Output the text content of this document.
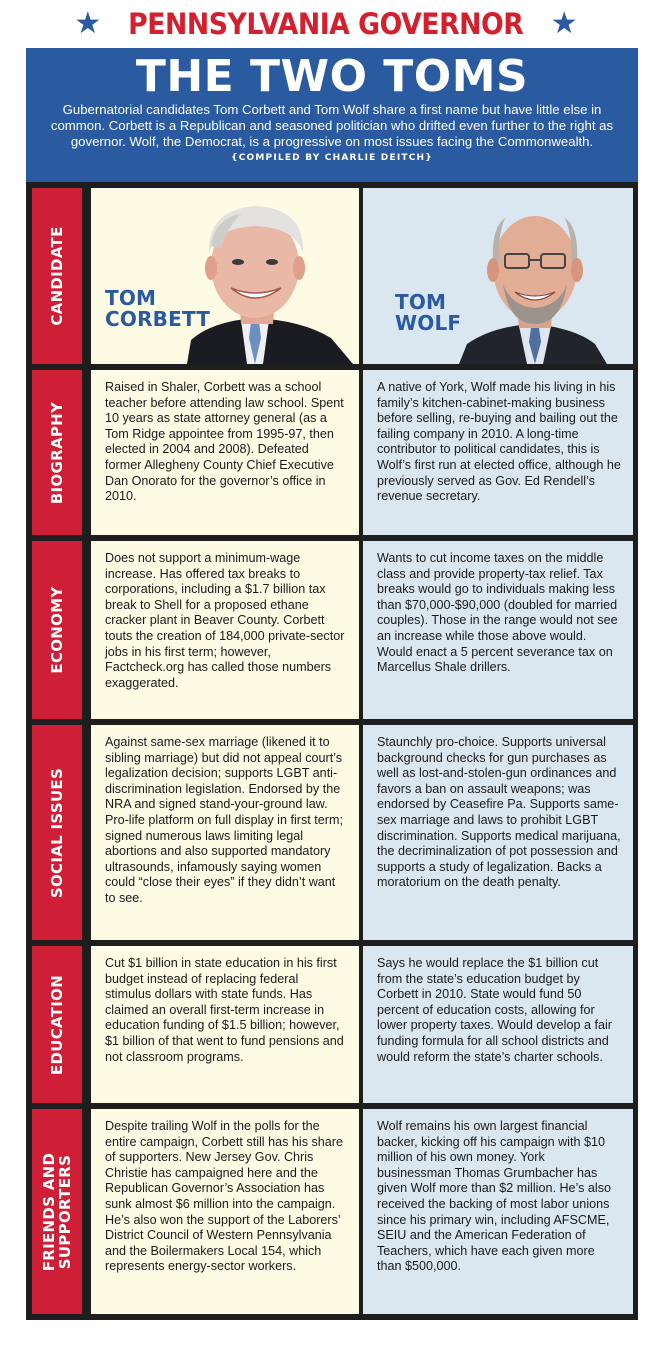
★ PENNSYLVANIA GOVERNOR ★
THE TWO TOMS
Gubernatorial candidates Tom Corbett and Tom Wolf share a first name but have little else in common. Corbett is a Republican and seasoned politician who drifted even further to the right as governor. Wolf, the Democrat, is a progressive on most issues facing the Commonwealth.
{COMPILED BY CHARLIE DEITCH}
CANDIDATE TOM
CORBETT
TOM
WOLF
BIOGRAPHY
Raised in Shaler, Corbett was a school teacher before attending law school. Spent 10 years as state attorney general (as a Tom Ridge appointee from 1995-97, then elected in 2004 and 2008). Defeated former Allegheny County Chief Executive Dan Onorato for the governor’s office in 2010.
A native of York, Wolf made his living in his family’s kitchen-cabinet-making business before selling, re-buying and bailing out the failing company in 2010. A long-time contributor to political candidates, this is Wolf’s first run at elected office, although he previously served as Gov. Ed Rendell’s revenue secretary.
ECONOMY
Does not support a minimum-wage increase. Has offered tax breaks to corporations, including a $1.7 billion tax break to Shell for a proposed ethane cracker plant in Beaver County. Corbett touts the creation of 184,000 private-sector jobs in his first term; however, Factcheck.org has called those numbers exaggerated.
Wants to cut income taxes on the middle class and provide property-tax relief. Tax breaks would go to individuals making less than $70,000-$90,000 (doubled for married couples). Those in the range would not see an increase while those above would. Would enact a 5 percent severance tax on Marcellus Shale drillers.
SOCIAL ISSUES
Against same-sex marriage (likened it to sibling marriage) but did not appeal court’s legalization decision; supports LGBT anti-discrimination legislation. Endorsed by the NRA and signed stand-your-ground law. Pro-life platform on full display in first term; signed numerous laws limiting legal abortions and also supported mandatory ultrasounds, infamously saying women could “close their eyes” if they didn’t want to see.
Staunchly pro-choice. Supports universal background checks for gun purchases as well as lost-and-stolen-gun ordinances and favors a ban on assault weapons; was endorsed by Ceasefire Pa. Supports same-sex marriage and laws to prohibit LGBT discrimination. Supports medical marijuana, the decriminalization of pot possession and supports a study of legalization. Backs a moratorium on the death penalty.
EDUCATION
Cut $1 billion in state education in his first budget instead of replacing federal stimulus dollars with state funds. Has claimed an overall first-term increase in education funding of $1.5 billion; however, $1 billion of that went to fund pensions and not classroom programs.
Says he would replace the $1 billion cut from the state’s education budget by Corbett in 2010. State would fund 50 percent of education costs, allowing for lower property taxes. Would develop a fair funding formula for all school districts and would reform the state’s charter schools.
FRIENDS AND
SUPPORTERS
Despite trailing Wolf in the polls for the entire campaign, Corbett still has his share of supporters. New Jersey Gov. Chris Christie has campaigned here and the Republican Governor’s Association has sunk almost $6 million into the campaign. He’s also won the support of the Laborers’ District Council of Western Pennsylvania and the Boilermakers Local 154, which represents energy-sector workers.
Wolf remains his own largest financial backer, kicking off his campaign with $10 million of his own money. York businessman Thomas Grumbacher has given Wolf more than $2 million. He’s also received the backing of most labor unions since his primary win, including AFSCME, SEIU and the American Federation of Teachers, which have each given more than $500,000.
